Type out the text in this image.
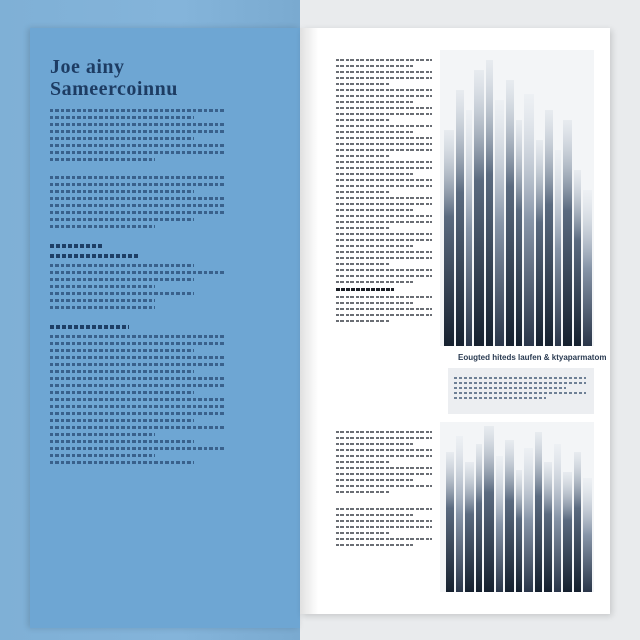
Joe ainy
Sameercoinnu
Eougted hiteds laufen & ktyaparmatom
